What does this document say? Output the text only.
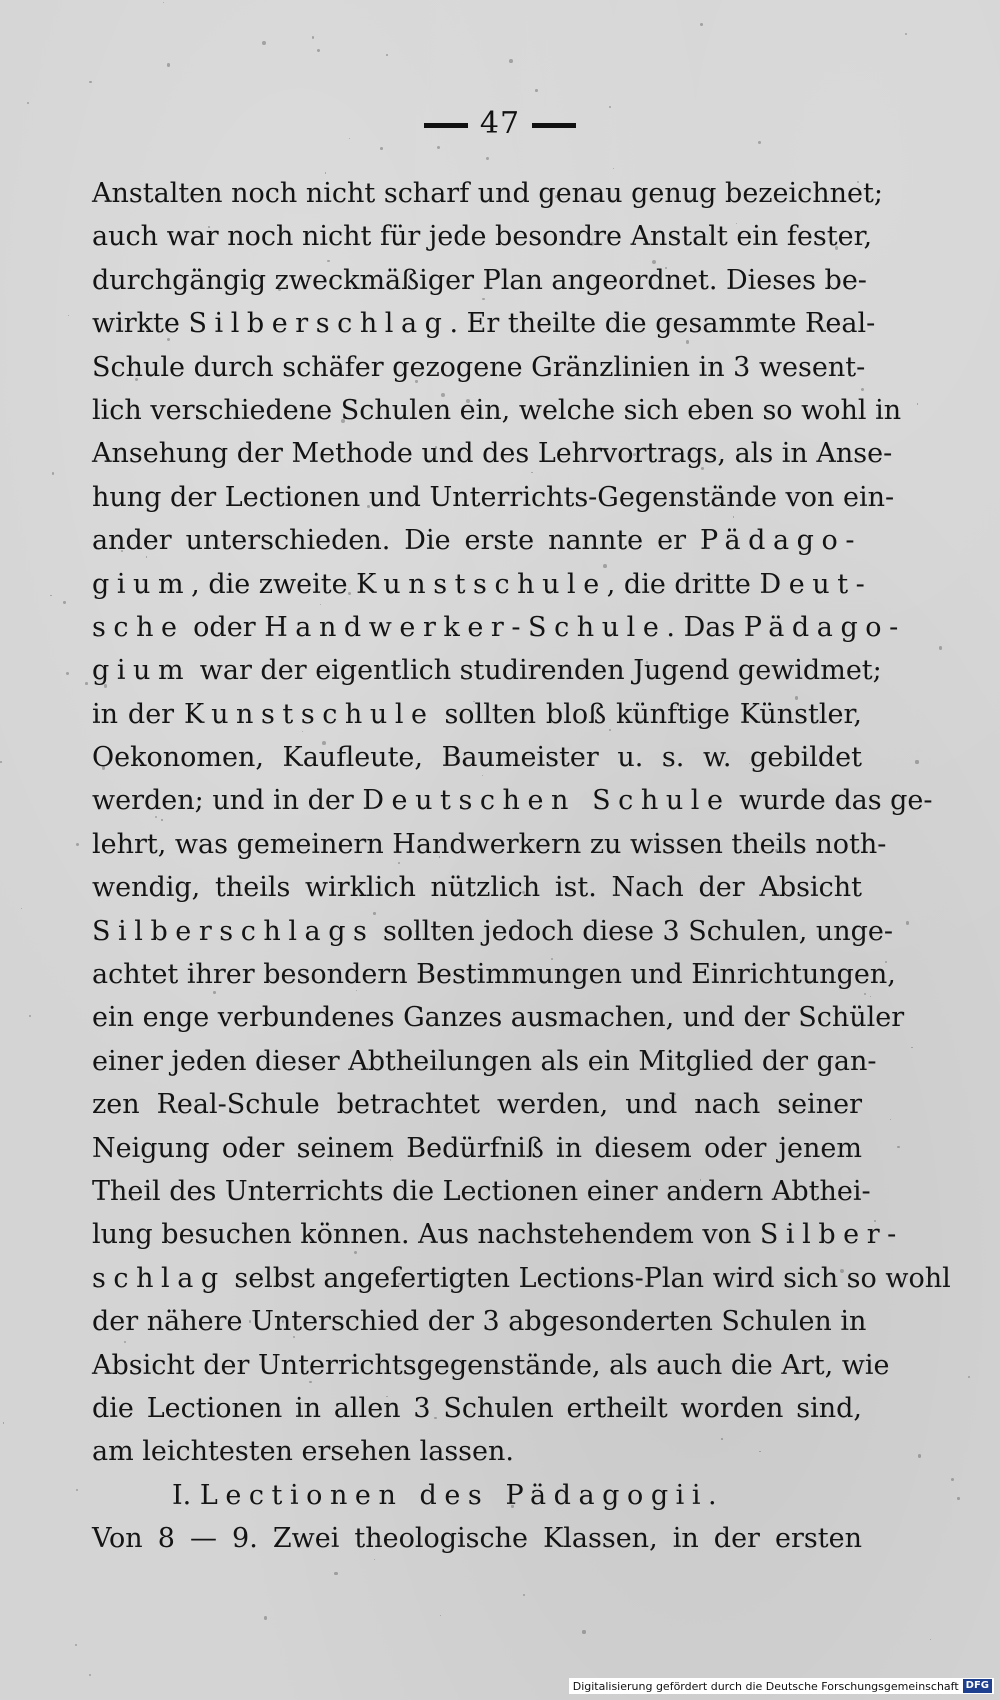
47
Anstalten noch nicht scharf und genau genug bezeichnet;
auch war noch nicht für jede besondre Anstalt ein fester,
durchgängig zweckmäßiger Plan angeordnet. Dieses be-
wirkte Silberschlag. Er theilte die gesammte Real-
Schule durch schäfer gezogene Gränzlinien in 3 wesent-
lich verschiedene Schulen ein, welche sich eben so wohl in
Ansehung der Methode und des Lehrvortrags, als in Anse-
hung der Lectionen und Unterrichts-Gegenstände von ein-
ander unterschieden. Die erste nannte er Pädago-
gium, die zweite Kunstschule, die dritte Deut-
sche oder Handwerker-Schule. Das Pädago-
gium war der eigentlich studirenden Jugend gewidmet;
in der Kunstschule sollten bloß künftige Künstler,
Oekonomen, Kaufleute, Baumeister u. s. w. gebildet
werden; und in der Deutschen Schule wurde das ge-
lehrt, was gemeinern Handwerkern zu wissen theils noth-
wendig, theils wirklich nützlich ist. Nach der Absicht
Silberschlags sollten jedoch diese 3 Schulen, unge-
achtet ihrer besondern Bestimmungen und Einrichtungen,
ein enge verbundenes Ganzes ausmachen, und der Schüler
einer jeden dieser Abtheilungen als ein Mitglied der gan-
zen Real-Schule betrachtet werden, und nach seiner
Neigung oder seinem Bedürfniß in diesem oder jenem
Theil des Unterrichts die Lectionen einer andern Abthei-
lung besuchen können. Aus nachstehendem von Silber-
schlag selbst angefertigten Lections-Plan wird sich so wohl
der nähere Unterschied der 3 abgesonderten Schulen in
Absicht der Unterrichtsgegenstände, als auch die Art, wie
die Lectionen in allen 3 Schulen ertheilt worden sind,
am leichtesten ersehen lassen.
I. Lectionen des Pädagogii.
Von 8 — 9. Zwei theologische Klassen, in der ersten
Digitalisierung gefördert durch die Deutsche Forschungsgemeinschaft DFG
